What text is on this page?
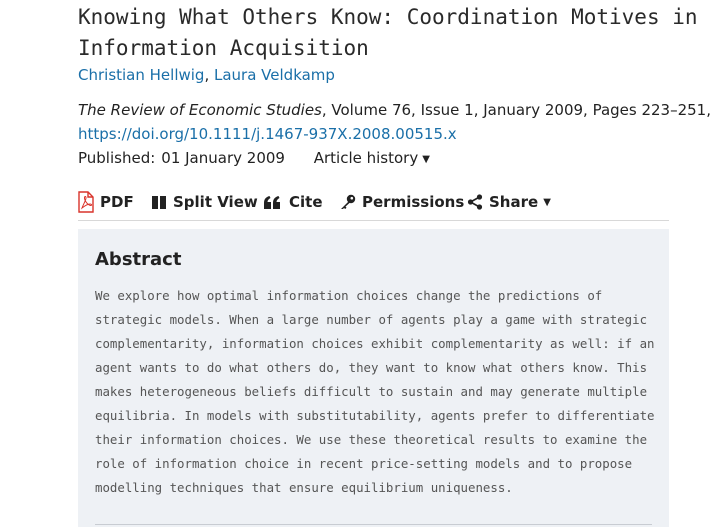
Knowing What Others Know: Coordination Motives in Information Acquisition
Christian Hellwig, Laura Veldkamp
The Review of Economic Studies, Volume 76, Issue 1, January 2009, Pages 223–251,
https://doi.org/10.1111/j.1467-937X.2008.00515.x
Published: 01 January 2009 Article history ▼
PDF	Split View Cite	Permissions Share ▼
Abstract

We explore how optimal information choices change the predictions of strategic models. When a large number of agents play a game with strategic complementarity, information choices exhibit complementarity as well: if an agent wants to do what others do, they want to know what others know. This makes heterogeneous beliefs difficult to sustain and may generate multiple equilibria. In models with substitutability, agents prefer to differentiate their information choices. We use these theoretical results to examine the role of information choice in recent price-setting models and to propose modelling techniques that ensure equilibrium uniqueness.
